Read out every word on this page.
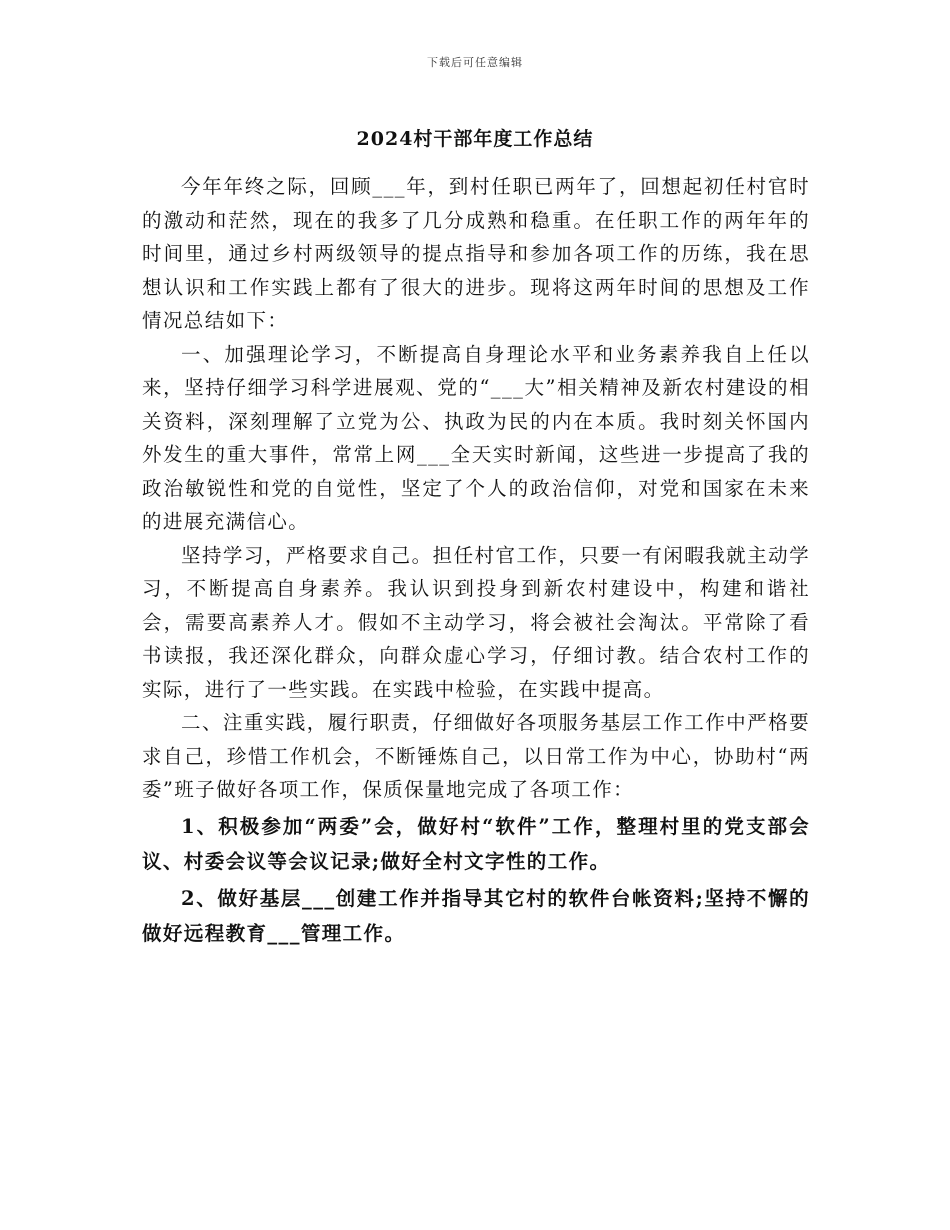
下载后可任意编辑
2024村干部年度工作总结

今年年终之际，回顾___年，到村任职已两年了，回想起初任村官时的激动和茫然，现在的我多了几分成熟和稳重。在任职工作的两年年的时间里，通过乡村两级领导的提点指导和参加各项工作的历练，我在思想认识和工作实践上都有了很大的进步。现将这两年时间的思想及工作情况总结如下：

一、加强理论学习，不断提高自身理论水平和业务素养我自上任以来，坚持仔细学习科学进展观、党的“___大”相关精神及新农村建设的相关资料，深刻理解了立党为公、执政为民的内在本质。我时刻关怀国内外发生的重大事件，常常上网___全天实时新闻，这些进一步提高了我的政治敏锐性和党的自觉性，坚定了个人的政治信仰，对党和国家在未来的进展充满信心。

坚持学习，严格要求自己。担任村官工作，只要一有闲暇我就主动学习，不断提高自身素养。我认识到投身到新农村建设中，构建和谐社会，需要高素养人才。假如不主动学习，将会被社会淘汰。平常除了看书读报，我还深化群众，向群众虚心学习，仔细讨教。结合农村工作的实际，进行了一些实践。在实践中检验，在实践中提高。

二、注重实践，履行职责，仔细做好各项服务基层工作工作中严格要求自己，珍惜工作机会，不断锤炼自己，以日常工作为中心，协助村“两委”班子做好各项工作，保质保量地完成了各项工作：

1、积极参加“两委”会，做好村“软件”工作，整理村里的党支部会议、村委会议等会议记录;做好全村文字性的工作。

2、做好基层___创建工作并指导其它村的软件台帐资料;坚持不懈的做好远程教育___管理工作。
